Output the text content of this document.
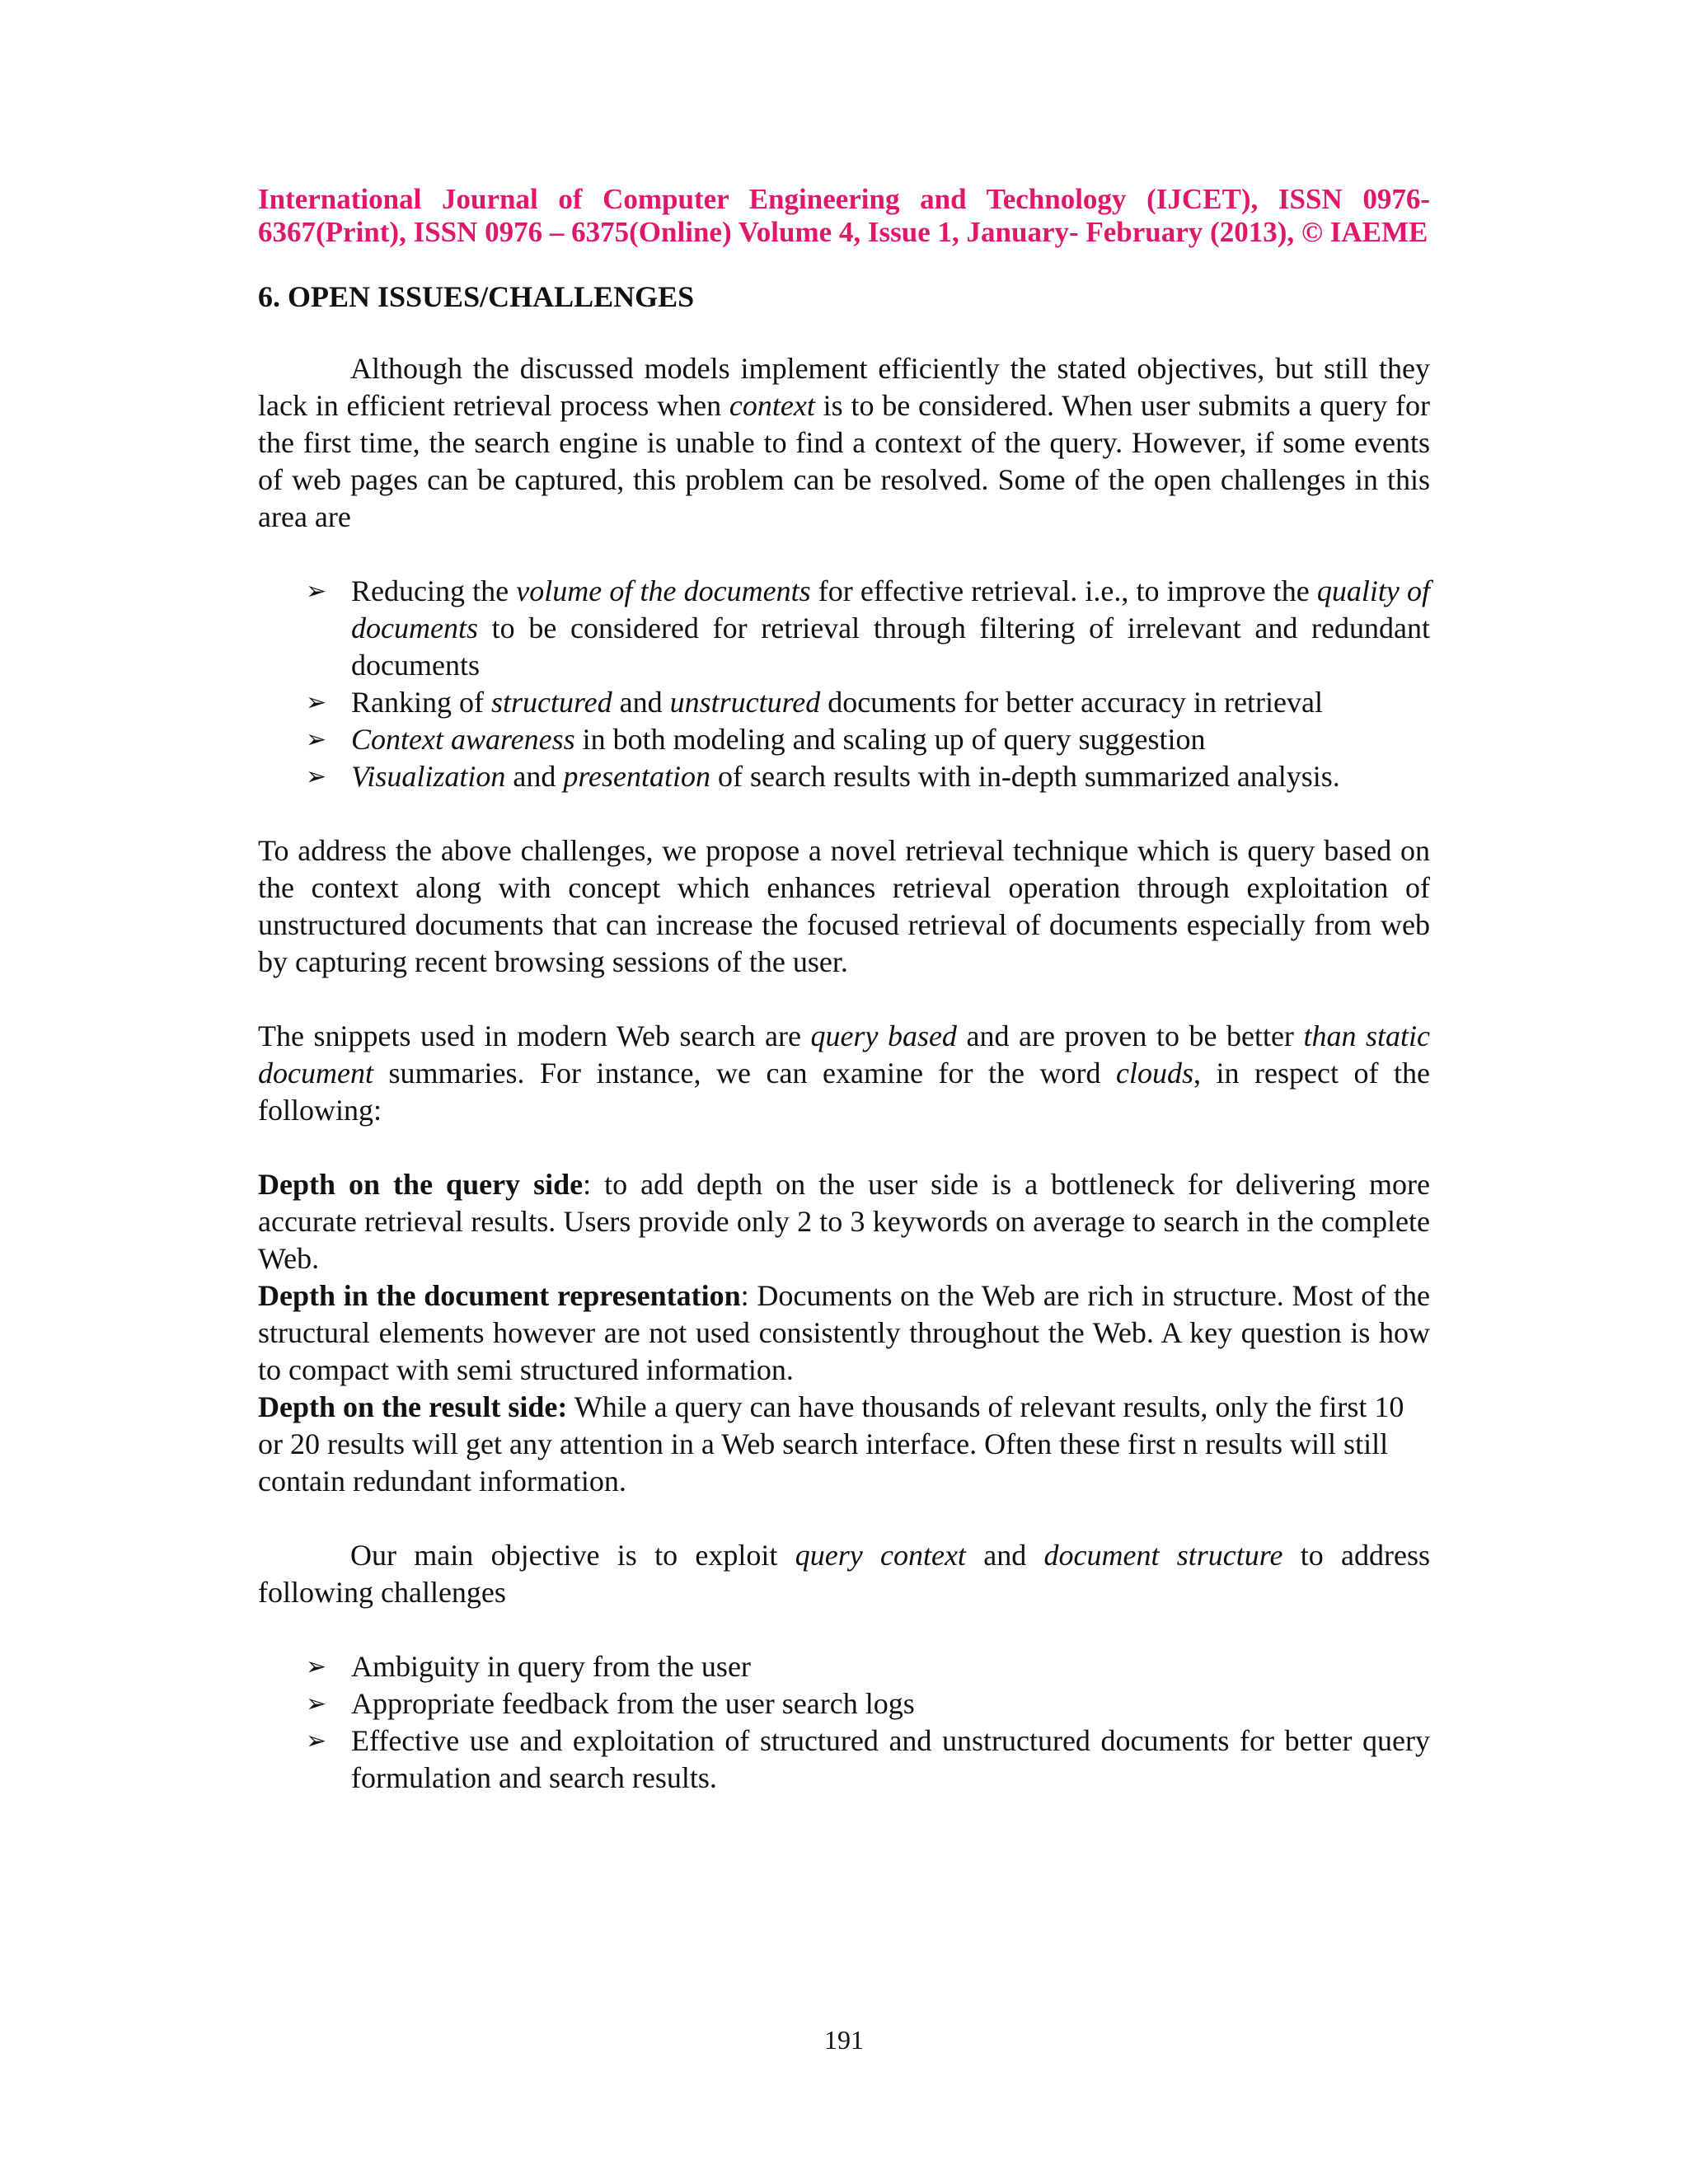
International Journal of Computer Engineering and Technology (IJCET), ISSN 0976-
6367(Print), ISSN 0976 – 6375(Online) Volume 4, Issue 1, January- February (2013), © IAEME
6. OPEN ISSUES/CHALLENGES

Although the discussed models implement efficiently the stated objectives, but still they lack in efficient retrieval process when context is to be considered. When user submits a query for the first time, the search engine is unable to find a context of the query. However, if some events of web pages can be captured, this problem can be resolved. Some of the open challenges in this area are

➢ Reducing the volume of the documents for effective retrieval. i.e., to improve the quality of documents to be considered for retrieval through filtering of irrelevant and redundant documents
➢ Ranking of structured and unstructured documents for better accuracy in retrieval
➢ Context awareness in both modeling and scaling up of query suggestion
➢ Visualization and presentation of search results with in-depth summarized analysis.

To address the above challenges, we propose a novel retrieval technique which is query based on the context along with concept which enhances retrieval operation through exploitation of unstructured documents that can increase the focused retrieval of documents especially from web by capturing recent browsing sessions of the user.

The snippets used in modern Web search are query based and are proven to be better than static document summaries. For instance, we can examine for the word clouds, in respect of the following:

Depth on the query side: to add depth on the user side is a bottleneck for delivering more accurate retrieval results. Users provide only 2 to 3 keywords on average to search in the complete Web.

Depth in the document representation: Documents on the Web are rich in structure. Most of the structural elements however are not used consistently throughout the Web. A key question is how to compact with semi structured information.

Depth on the result side: While a query can have thousands of relevant results, only the first 10 or 20 results will get any attention in a Web search interface. Often these first n results will still contain redundant information.

Our main objective is to exploit query context and document structure to address following challenges

➢ Ambiguity in query from the user
➢ Appropriate feedback from the user search logs
➢ Effective use and exploitation of structured and unstructured documents for better query formulation and search results.
191
